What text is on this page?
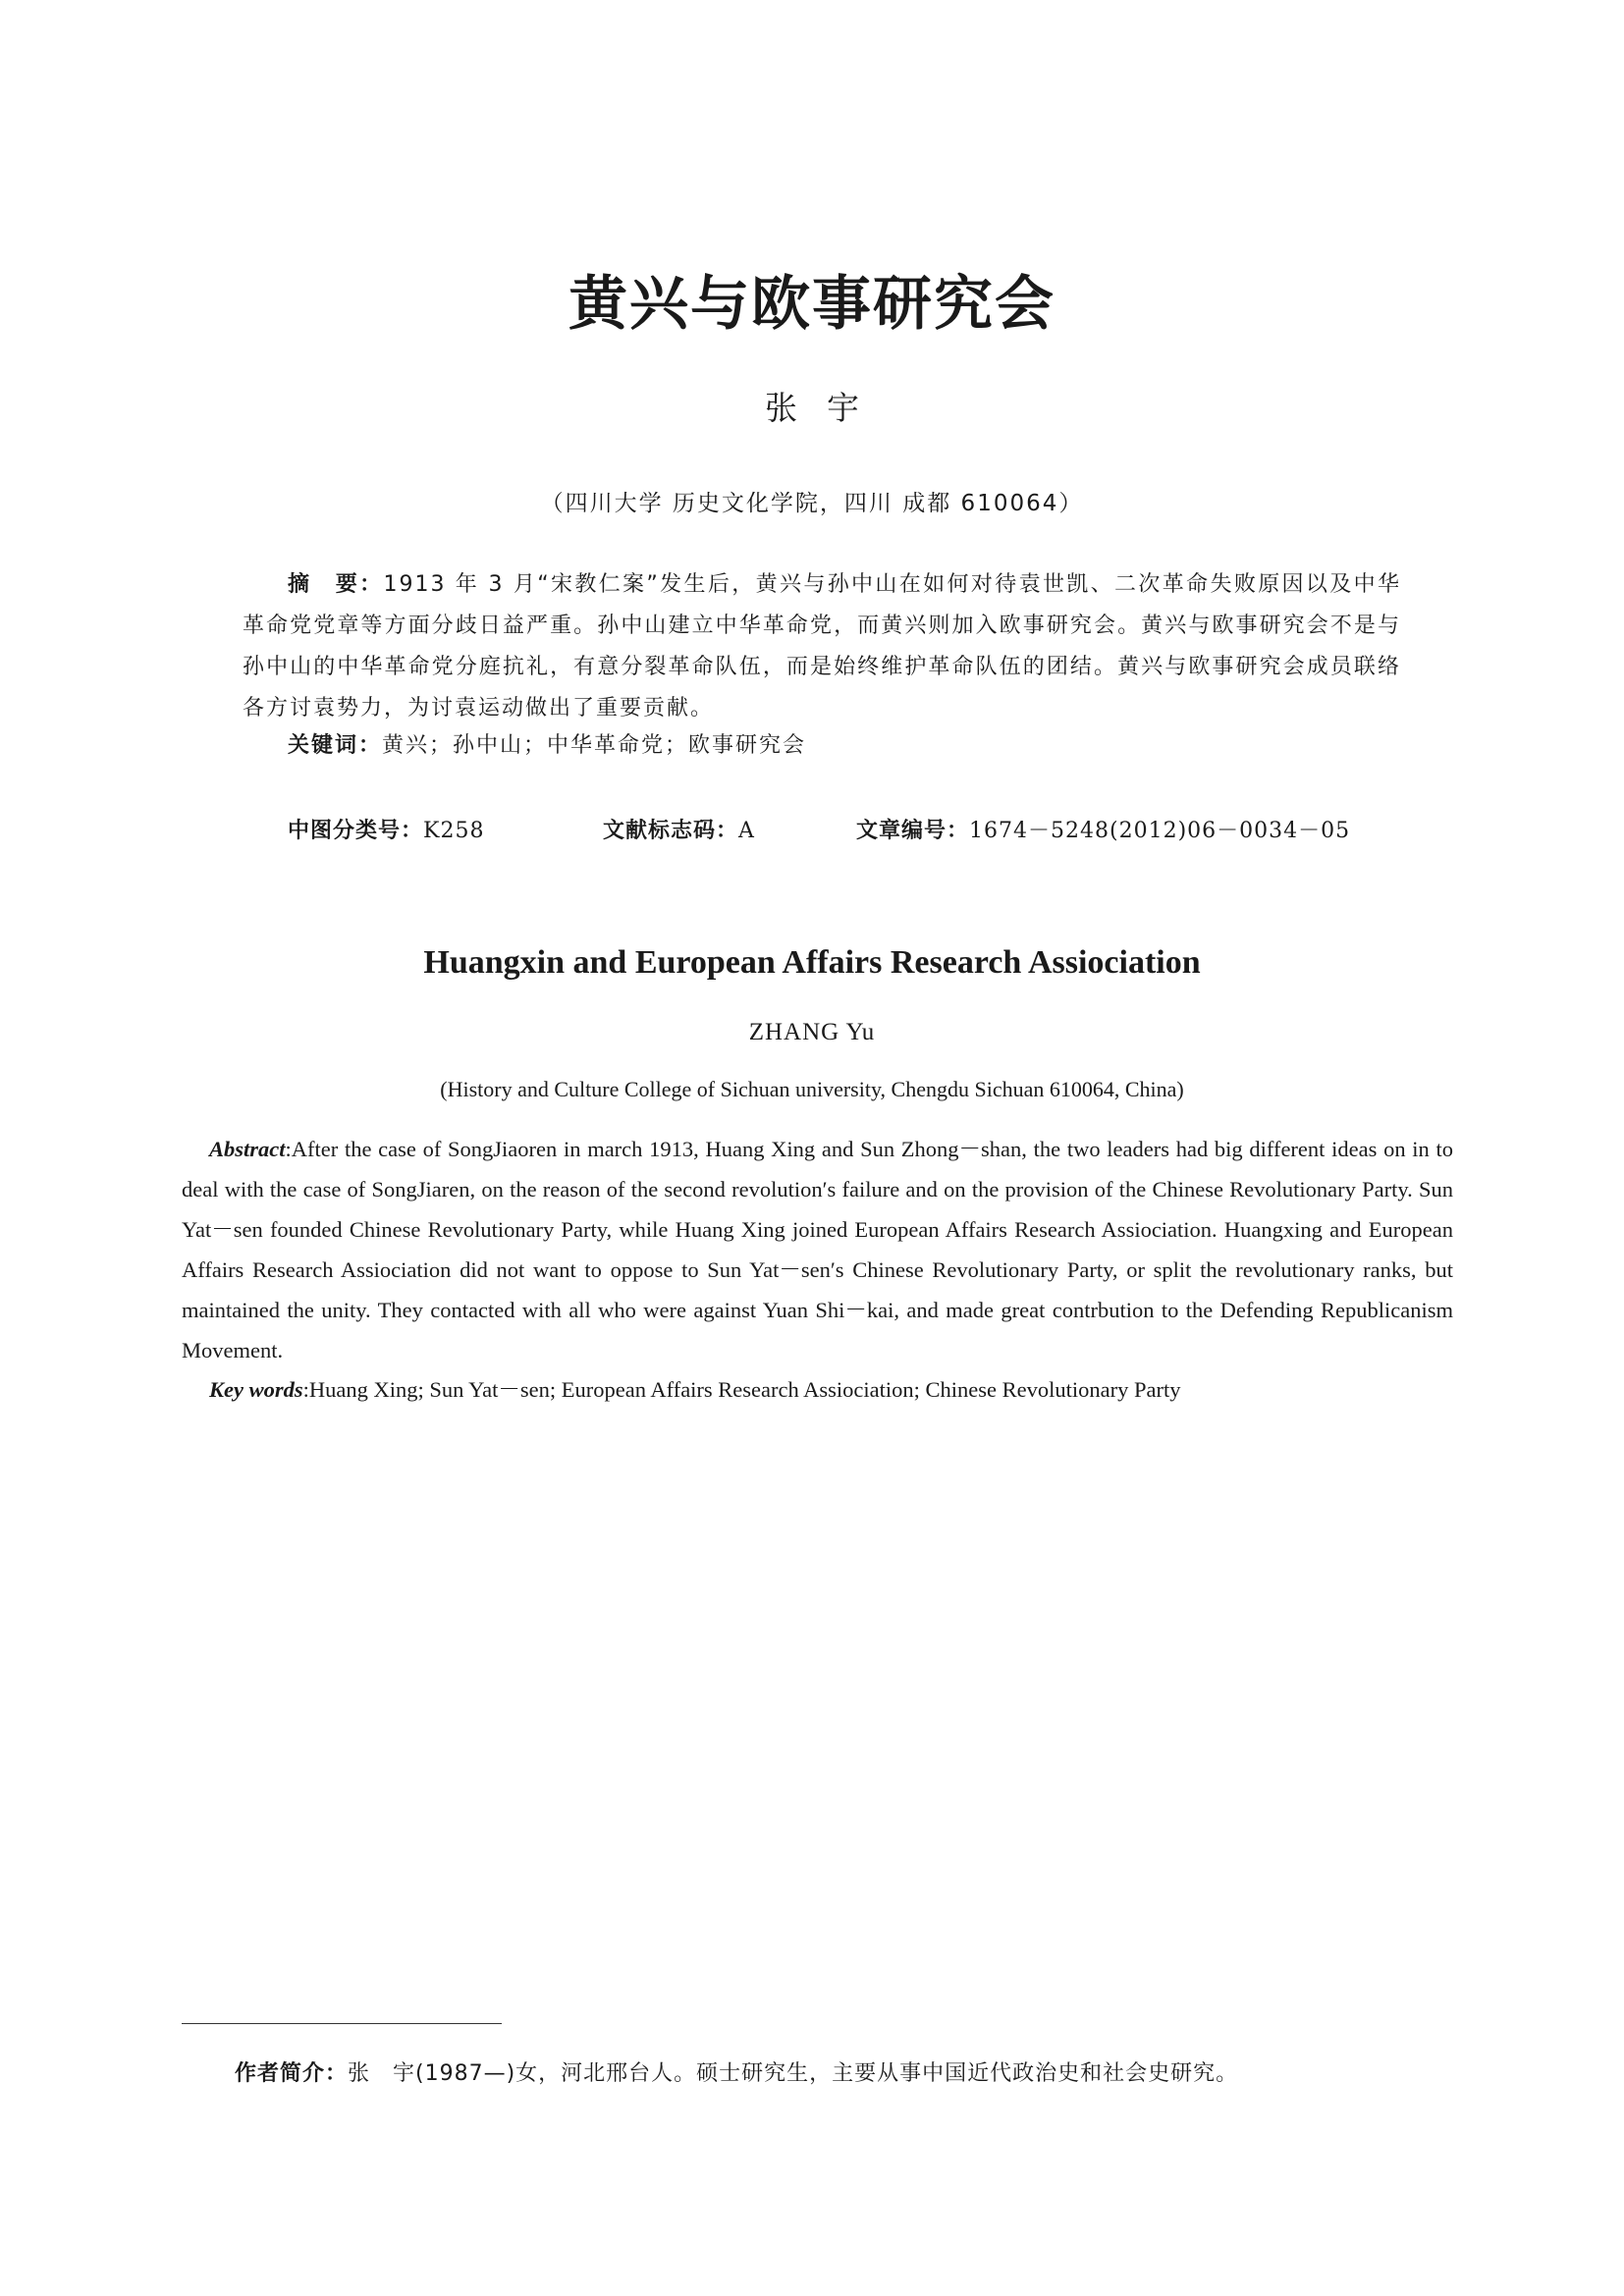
黄兴与欧事研究会
张宇
（四川大学 历史文化学院，四川 成都 610064）
摘　要：1913 年 3 月“宋教仁案”发生后，黄兴与孙中山在如何对待袁世凯、二次革命失败原因以及中华革命党党章等方面分歧日益严重。孙中山建立中华革命党，而黄兴则加入欧事研究会。黄兴与欧事研究会不是与孙中山的中华革命党分庭抗礼，有意分裂革命队伍，而是始终维护革命队伍的团结。黄兴与欧事研究会成员联络各方讨袁势力，为讨袁运动做出了重要贡献。
关键词：黄兴；孙中山；中华革命党；欧事研究会
中图分类号：K258	文献标志码：A	文章编号：1674－5248(2012)06－0034－05
Huangxin and European Affairs Research Assiociation
ZHANG Yu
(History and Culture College of Sichuan university, Chengdu Sichuan 610064, China)
Abstract:After the case of SongJiaoren in march 1913, Huang Xing and Sun Zhong－shan, the two leaders had big different ideas on in to deal with the case of SongJiaren, on the reason of the second revolution′s failure and on the provision of the Chinese Revolutionary Party. Sun Yat－sen founded Chinese Revolutionary Party, while Huang Xing joined European Affairs Research Assiociation. Huangxing and European Affairs Research Assiociation did not want to oppose to Sun Yat－sen′s Chinese Revolutionary Party, or split the revolutionary ranks, but maintained the unity. They contacted with all who were against Yuan Shi－kai, and made great contrbution to the Defending Republicanism Movement.
Key words:Huang Xing; Sun Yat－sen; European Affairs Research Assiociation; Chinese Revolutionary Party
作者简介：张　宇(1987—)女，河北邢台人。硕士研究生，主要从事中国近代政治史和社会史研究。
